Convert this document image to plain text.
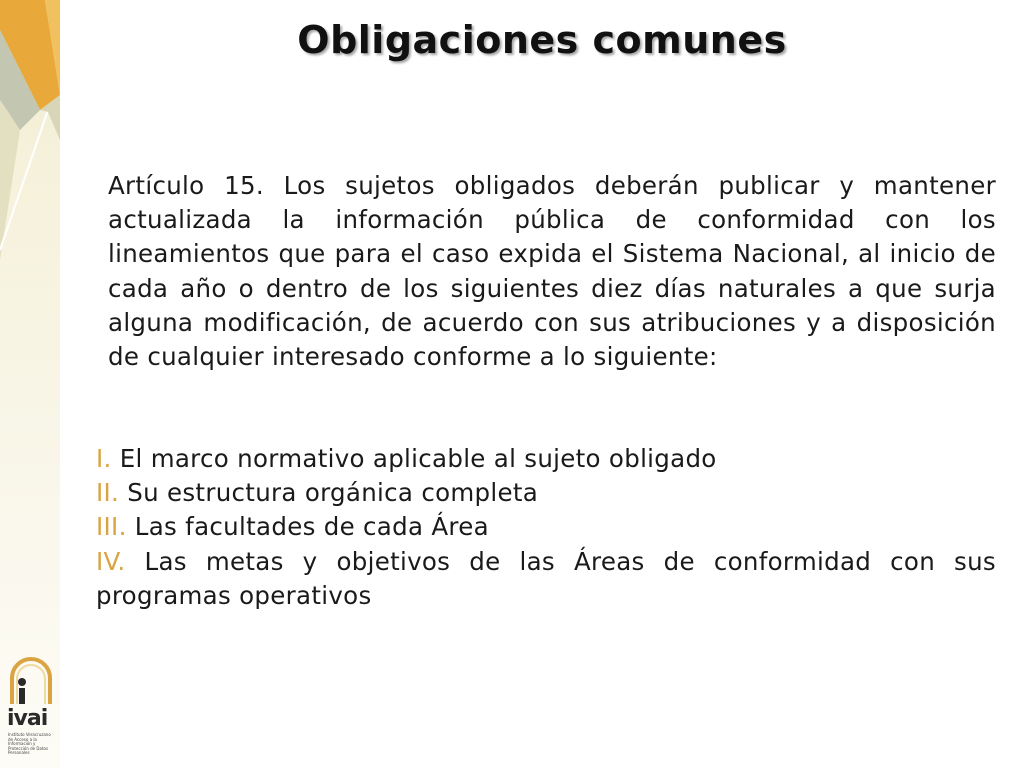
Obligaciones comunes
Artículo 15. Los sujetos obligados deberán publicar y mantener actualizada la información pública de conformidad con los lineamientos que para el caso expida el Sistema Nacional, al inicio de cada año o dentro de los siguientes diez días naturales a que surja alguna modificación, de acuerdo con sus atribuciones y a disposición de cualquier interesado conforme a lo siguiente:
I. El marco normativo aplicable al sujeto obligado
II. Su estructura orgánica completa
III. Las facultades de cada Área
IV. Las metas y objetivos de las Áreas de conformidad con sus programas operativos
ivai
Instituto Veracruzano de Acceso a la Información y Protección de Datos Personales
